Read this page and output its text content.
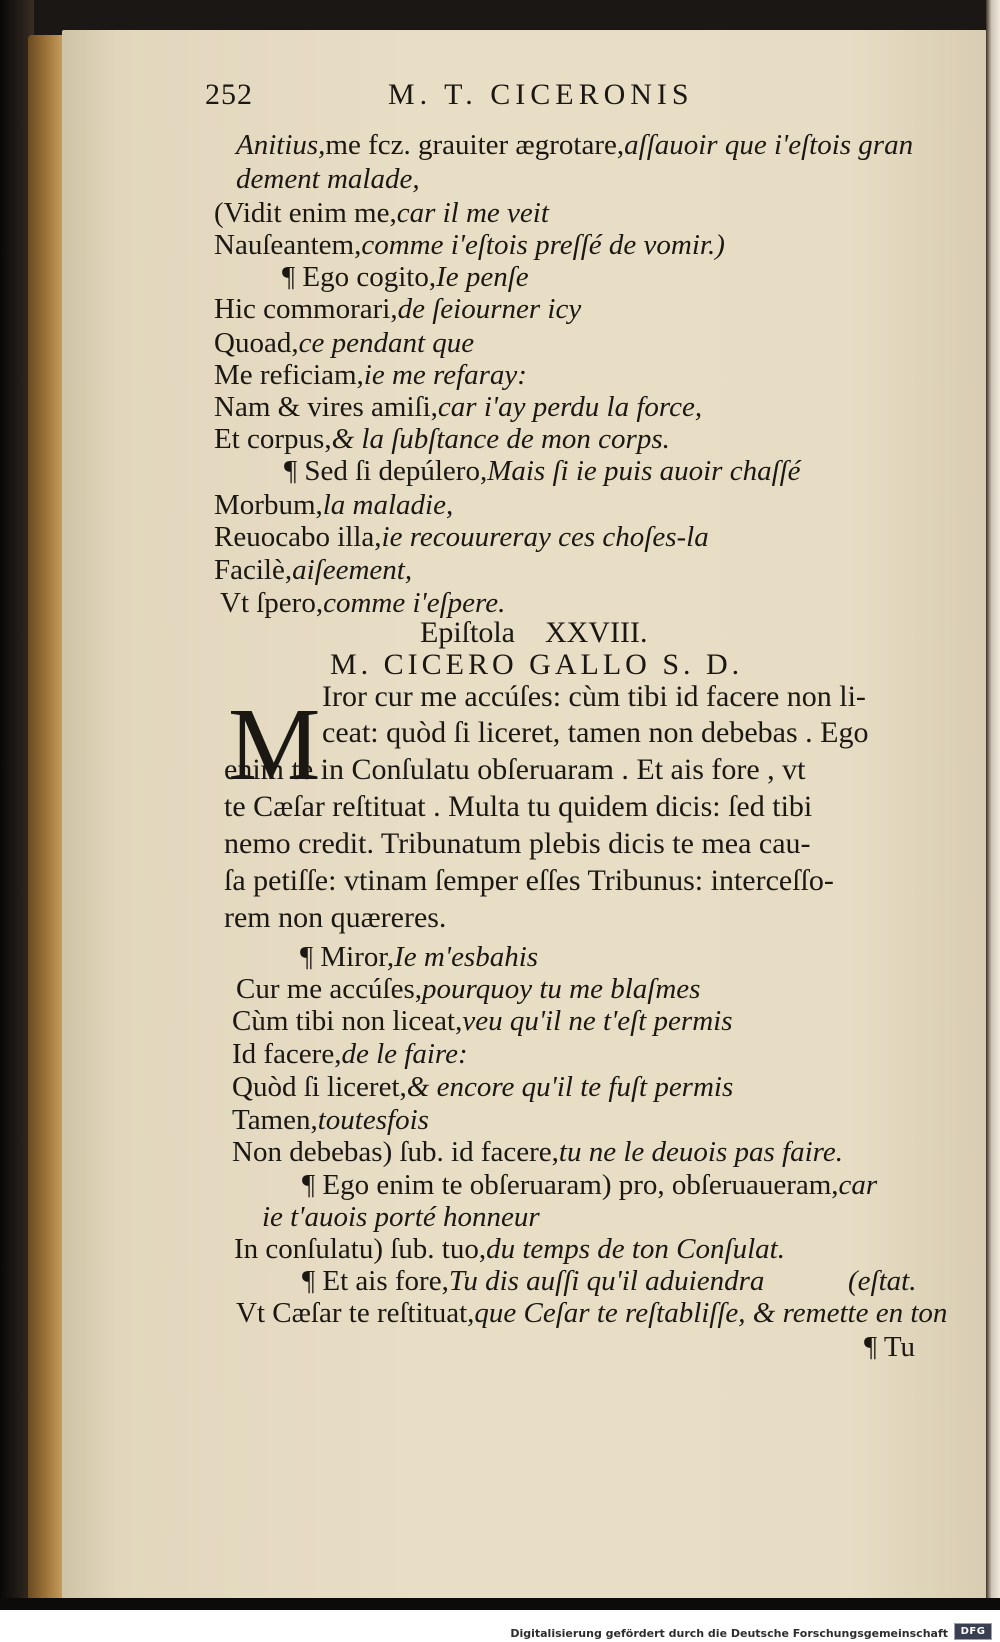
252	M. T. CICERONIS
Anitius,me fcz. grauiter ægrotare,aſſauoir que i'eſtois gran
dement malade,
(Vidit enim me,car il me veit
Nauſeantem,comme i'eſtois preſſé de vomir.)
¶ Ego cogito,Ie penſe
Hic commorari,de ſeiourner icy
Quoad,ce pendant que
Me reficiam,ie me refaray:
Nam & vires amiſi,car i'ay perdu la force,
Et corpus,& la ſubſtance de mon corps.
¶ Sed ſi depúlero,Mais ſi ie puis auoir chaſſé
Morbum,la maladie,
Reuocabo illa,ie recouureray ces choſes-la
Facilè,aiſeement,
Vt ſpero,comme i'eſpere.
Epiſtola    XXVIII.
M. CICERO GALLO S. D.
M Iror cur me accúſes: cùm tibi id facere non li-
ceat: quòd ſi liceret, tamen non debebas . Ego
enim te in Conſulatu obſeruaram . Et ais fore , vt
te Cæſar reſtituat . Multa tu quidem dicis: ſed tibi
nemo credit. Tribunatum plebis dicis te mea cau-
ſa petiſſe: vtinam ſemper eſſes Tribunus: interceſſo-
rem non quæreres.
¶ Miror,Ie m'esbahis
Cur me accúſes,pourquoy tu me blaſmes
Cùm tibi non liceat,veu qu'il ne t'eſt permis
Id facere,de le faire:
Quòd ſi liceret,& encore qu'il te fuſt permis
Tamen,toutesfois
Non debebas) ſub. id facere,tu ne le deuois pas faire.
¶ Ego enim te obſeruaram) pro, obſeruaueram,car
ie t'auois porté honneur
In conſulatu) ſub. tuo,du temps de ton Conſulat.
¶ Et ais fore,Tu dis auſſi qu'il aduiendra	(eſtat.
Vt Cæſar te reſtituat,que Ceſar te reſtabliſſe, & remette en ton
¶ Tu
Digitalisierung gefördert durch die Deutsche Forschungsgemeinschaft	DFG
